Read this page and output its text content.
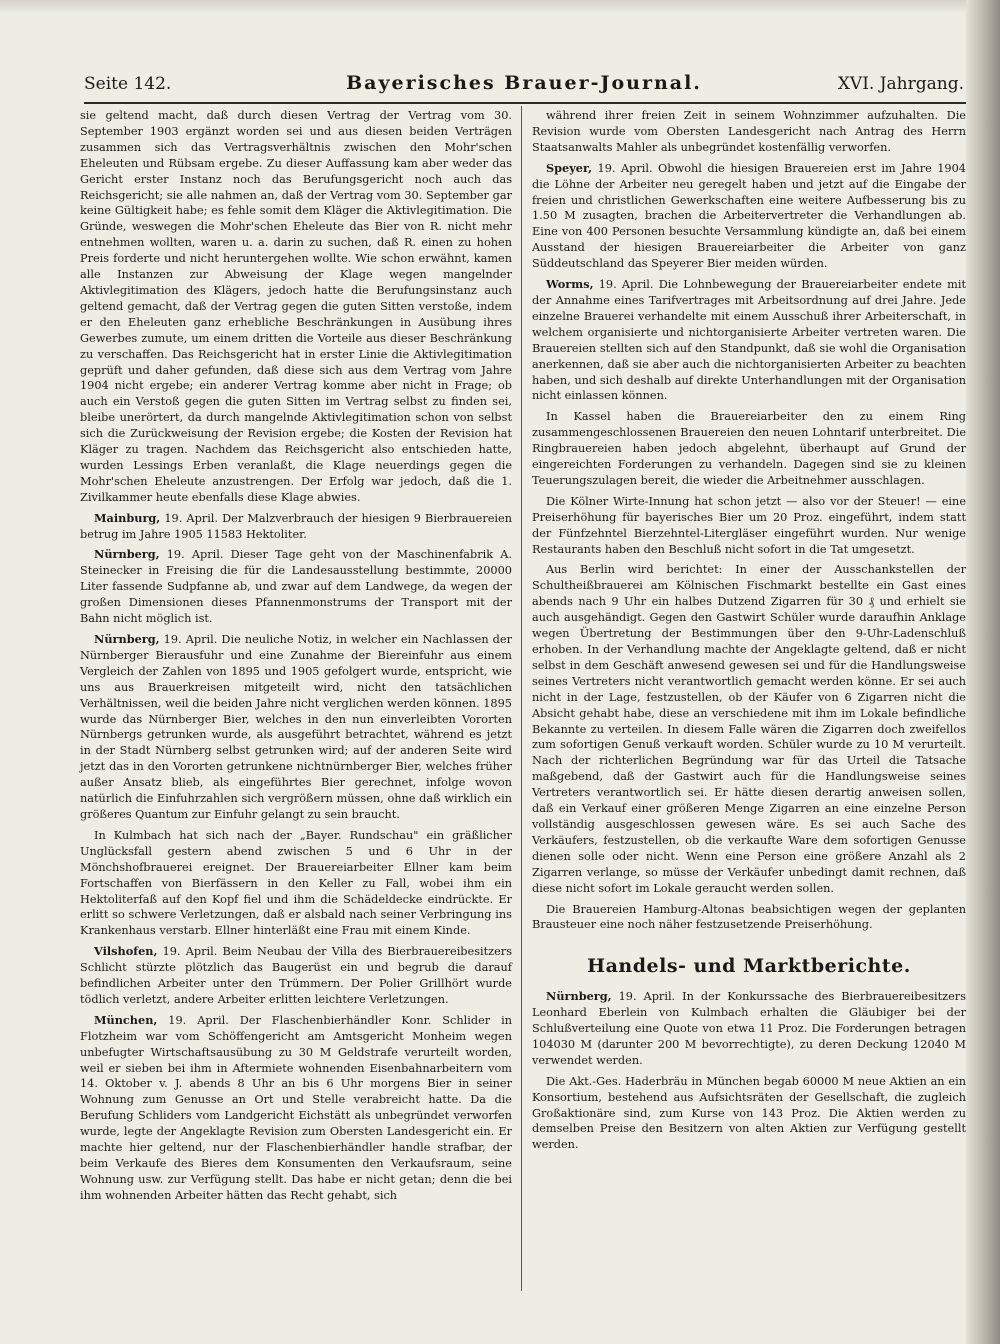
Seite 142.	Bayerisches Brauer-Journal.	XVI. Jahrgang.

sie geltend macht, daß durch diesen Vertrag der Vertrag vom 30. September 1903 ergänzt worden sei und aus diesen beiden Verträgen zusammen sich das Vertragsverhältnis zwischen den Mohr'schen Eheleuten und Rübsam ergebe. Zu dieser Auffassung kam aber weder das Gericht erster Instanz noch das Berufungsgericht noch auch das Reichsgericht; sie alle nahmen an, daß der Vertrag vom 30. September gar keine Gültigkeit habe; es fehle somit dem Kläger die Aktivlegitimation. Die Gründe, weswegen die Mohr'schen Eheleute das Bier von R. nicht mehr entnehmen wollten, waren u. a. darin zu suchen, daß R. einen zu hohen Preis forderte und nicht heruntergehen wollte. Wie schon erwähnt, kamen alle Instanzen zur Abweisung der Klage wegen mangelnder Aktivlegitimation des Klägers, jedoch hatte die Berufungsinstanz auch geltend gemacht, daß der Vertrag gegen die guten Sitten verstoße, indem er den Eheleuten ganz erhebliche Beschränkungen in Ausübung ihres Gewerbes zumute, um einem dritten die Vorteile aus dieser Beschränkung zu verschaffen. Das Reichsgericht hat in erster Linie die Aktivlegitimation geprüft und daher gefunden, daß diese sich aus dem Vertrag vom Jahre 1904 nicht ergebe; ein anderer Vertrag komme aber nicht in Frage; ob auch ein Verstoß gegen die guten Sitten im Vertrag selbst zu finden sei, bleibe unerörtert, da durch mangelnde Aktivlegitimation schon von selbst sich die Zurückweisung der Revision ergebe; die Kosten der Revision hat Kläger zu tragen. Nachdem das Reichsgericht also entschieden hatte, wurden Lessings Erben veranlaßt, die Klage neuerdings gegen die Mohr'schen Eheleute anzustrengen. Der Erfolg war jedoch, daß die 1. Zivilkammer heute ebenfalls diese Klage abwies.

Mainburg, 19. April. Der Malzverbrauch der hiesigen 9 Bierbrauereien betrug im Jahre 1905 11583 Hektoliter.

Nürnberg, 19. April. Dieser Tage geht von der Maschinenfabrik A. Steinecker in Freising die für die Landesausstellung bestimmte, 20000 Liter fassende Sudpfanne ab, und zwar auf dem Landwege, da wegen der großen Dimensionen dieses Pfannenmonstrums der Transport mit der Bahn nicht möglich ist.

Nürnberg, 19. April. Die neuliche Notiz, in welcher ein Nachlassen der Nürnberger Bierausfuhr und eine Zunahme der Biereinfuhr aus einem Vergleich der Zahlen von 1895 und 1905 gefolgert wurde, entspricht, wie uns aus Brauerkreisen mitgeteilt wird, nicht den tatsächlichen Verhältnissen, weil die beiden Jahre nicht verglichen werden können. 1895 wurde das Nürnberger Bier, welches in den nun einverleibten Vororten Nürnbergs getrunken wurde, als ausgeführt betrachtet, während es jetzt in der Stadt Nürnberg selbst getrunken wird; auf der anderen Seite wird jetzt das in den Vororten getrunkene nichtnürnberger Bier, welches früher außer Ansatz blieb, als eingeführtes Bier gerechnet, infolge wovon natürlich die Einfuhrzahlen sich vergrößern müssen, ohne daß wirklich ein größeres Quantum zur Einfuhr gelangt zu sein braucht.

In Kulmbach hat sich nach der „Bayer. Rundschau" ein gräßlicher Unglücksfall gestern abend zwischen 5 und 6 Uhr in der Mönchshofbrauerei ereignet. Der Brauereiarbeiter Ellner kam beim Fortschaffen von Bierfässern in den Keller zu Fall, wobei ihm ein Hektoliterfaß auf den Kopf fiel und ihm die Schädeldecke eindrückte. Er erlitt so schwere Verletzungen, daß er alsbald nach seiner Verbringung ins Krankenhaus verstarb. Ellner hinterläßt eine Frau mit einem Kinde.

Vilshofen, 19. April. Beim Neubau der Villa des Bierbrauereibesitzers Schlicht stürzte plötzlich das Baugerüst ein und begrub die darauf befindlichen Arbeiter unter den Trümmern. Der Polier Grillhört wurde tödlich verletzt, andere Arbeiter erlitten leichtere Verletzungen.

München, 19. April. Der Flaschenbierhändler Konr. Schlider in Flotzheim war vom Schöffengericht am Amtsgericht Monheim wegen unbefugter Wirtschaftsausübung zu 30 M Geldstrafe verurteilt worden, weil er sieben bei ihm in Aftermiete wohnenden Eisenbahnarbeitern vom 14. Oktober v. J. abends 8 Uhr an bis 6 Uhr morgens Bier in seiner Wohnung zum Genusse an Ort und Stelle verabreicht hatte. Da die Berufung Schliders vom Landgericht Eichstätt als unbegründet verworfen wurde, legte der Angeklagte Revision zum Obersten Landesgericht ein. Er machte hier geltend, nur der Flaschenbierhändler handle strafbar, der beim Verkaufe des Bieres dem Konsumenten den Verkaufsraum, seine Wohnung usw. zur Verfügung stellt. Das habe er nicht getan; denn die bei ihm wohnenden Arbeiter hätten das Recht gehabt, sich

während ihrer freien Zeit in seinem Wohnzimmer aufzuhalten. Die Revision wurde vom Obersten Landesgericht nach Antrag des Herrn Staatsanwalts Mahler als unbegründet kostenfällig verworfen.

Speyer, 19. April. Obwohl die hiesigen Brauereien erst im Jahre 1904 die Löhne der Arbeiter neu geregelt haben und jetzt auf die Eingabe der freien und christlichen Gewerkschaften eine weitere Aufbesserung bis zu 1.50 M zusagten, brachen die Arbeitervertreter die Verhandlungen ab. Eine von 400 Personen besuchte Versammlung kündigte an, daß bei einem Ausstand der hiesigen Brauereiarbeiter die Arbeiter von ganz Süddeutschland das Speyerer Bier meiden würden.

Worms, 19. April. Die Lohnbewegung der Brauereiarbeiter endete mit der Annahme eines Tarifvertrages mit Arbeitsordnung auf drei Jahre. Jede einzelne Brauerei verhandelte mit einem Ausschuß ihrer Arbeiterschaft, in welchem organisierte und nichtorganisierte Arbeiter vertreten waren. Die Brauereien stellten sich auf den Standpunkt, daß sie wohl die Organisation anerkennen, daß sie aber auch die nichtorganisierten Arbeiter zu beachten haben, und sich deshalb auf direkte Unterhandlungen mit der Organisation nicht einlassen können.

In Kassel haben die Brauereiarbeiter den zu einem Ring zusammengeschlossenen Brauereien den neuen Lohntarif unterbreitet. Die Ringbrauereien haben jedoch abgelehnt, überhaupt auf Grund der eingereichten Forderungen zu verhandeln. Dagegen sind sie zu kleinen Teuerungszulagen bereit, die wieder die Arbeitnehmer ausschlagen.

Die Kölner Wirte-Innung hat schon jetzt — also vor der Steuer! — eine Preiserhöhung für bayerisches Bier um 20 Proz. eingeführt, indem statt der Fünfzehntel Bierzehntel-Litergläser eingeführt wurden. Nur wenige Restaurants haben den Beschluß nicht sofort in die Tat umgesetzt.

Aus Berlin wird berichtet: In einer der Ausschankstellen der Schultheißbrauerei am Kölnischen Fischmarkt bestellte ein Gast eines abends nach 9 Uhr ein halbes Dutzend Zigarren für 30 ₰ und erhielt sie auch ausgehändigt. Gegen den Gastwirt Schüler wurde daraufhin Anklage wegen Übertretung der Bestimmungen über den 9-Uhr-Ladenschluß erhoben. In der Verhandlung machte der Angeklagte geltend, daß er nicht selbst in dem Geschäft anwesend gewesen sei und für die Handlungsweise seines Vertreters nicht verantwortlich gemacht werden könne. Er sei auch nicht in der Lage, festzustellen, ob der Käufer von 6 Zigarren nicht die Absicht gehabt habe, diese an verschiedene mit ihm im Lokale befindliche Bekannte zu verteilen. In diesem Falle wären die Zigarren doch zweifellos zum sofortigen Genuß verkauft worden. Schüler wurde zu 10 M verurteilt. Nach der richterlichen Begründung war für das Urteil die Tatsache maßgebend, daß der Gastwirt auch für die Handlungsweise seines Vertreters verantwortlich sei. Er hätte diesen derartig anweisen sollen, daß ein Verkauf einer größeren Menge Zigarren an eine einzelne Person vollständig ausgeschlossen gewesen wäre. Es sei auch Sache des Verkäufers, festzustellen, ob die verkaufte Ware dem sofortigen Genusse dienen solle oder nicht. Wenn eine Person eine größere Anzahl als 2 Zigarren verlange, so müsse der Verkäufer unbedingt damit rechnen, daß diese nicht sofort im Lokale geraucht werden sollen.

Die Brauereien Hamburg-Altonas beabsichtigen wegen der geplanten Brausteuer eine noch näher festzusetzende Preiserhöhung.

Handels- und Marktberichte.

Nürnberg, 19. April. In der Konkurssache des Bierbrauereibesitzers Leonhard Eberlein von Kulmbach erhalten die Gläubiger bei der Schlußverteilung eine Quote von etwa 11 Proz. Die Forderungen betragen 104030 M (darunter 200 M bevorrechtigte), zu deren Deckung 12040 M verwendet werden.

Die Akt.-Ges. Haderbräu in München begab 60000 M neue Aktien an ein Konsortium, bestehend aus Aufsichtsräten der Gesellschaft, die zugleich Großaktionäre sind, zum Kurse von 143 Proz. Die Aktien werden zu demselben Preise den Besitzern von alten Aktien zur Verfügung gestellt werden.
